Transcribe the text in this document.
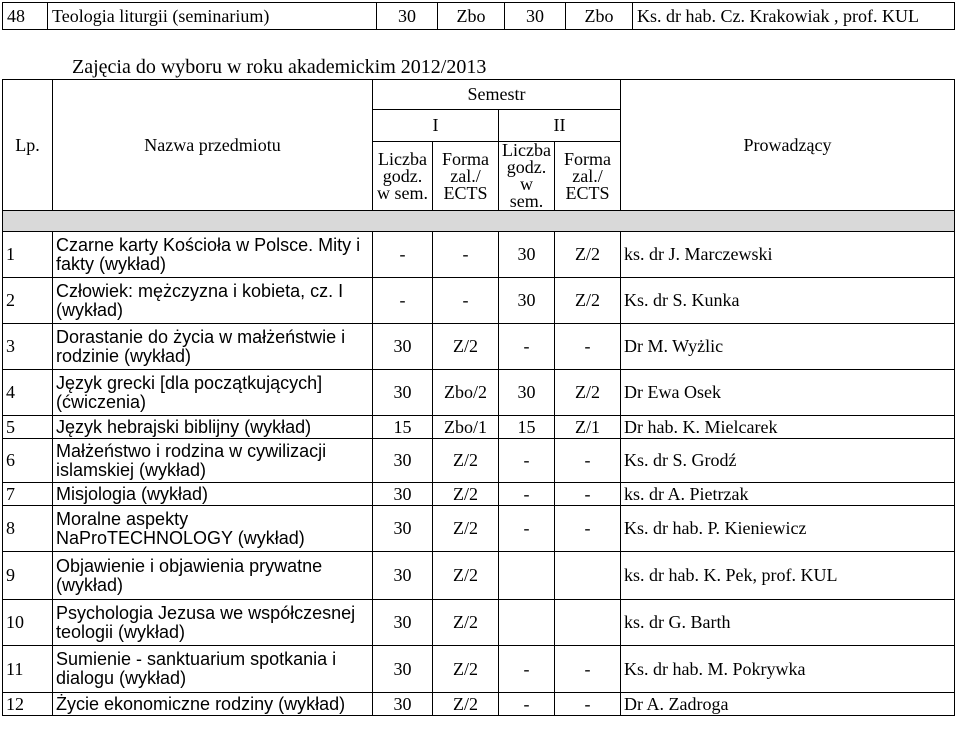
48	Teologia liturgii (seminarium)	30	Zbo	30	Zbo	Ks. dr hab. Cz. Krakowiak , prof. KUL
Zajęcia do wyboru w roku akademickim 2012/2013
Lp.	Nazwa przedmiotu	Semestr				Prowadzący
		I		II		
		Liczba godz. w sem.	Forma zal./ ECTS	Liczba godz. w sem.	Forma zal./ ECTS	

1	Czarne karty Kościoła w Polsce. Mity i fakty (wykład)	-	-	30	Z/2	ks. dr J. Marczewski
2	Człowiek: mężczyzna i kobieta, cz. I (wykład)	-	-	30	Z/2	Ks. dr S. Kunka
3	Dorastanie do życia w małżeństwie i rodzinie (wykład)	30	Z/2	-	-	Dr M. Wyżlic
4	Język grecki [dla początkujących] (ćwiczenia)	30	Zbo/2	30	Z/2	Dr Ewa Osek
5	Język hebrajski biblijny (wykład)	15	Zbo/1	15	Z/1	Dr hab. K. Mielcarek
6	Małżeństwo i rodzina w cywilizacji islamskiej (wykład)	30	Z/2	-	-	Ks. dr S. Grodź
7	Misjologia (wykład)	30	Z/2	-	-	ks. dr A. Pietrzak
8	Moralne aspekty NaProTECHNOLOGY (wykład)	30	Z/2	-	-	Ks. dr hab. P. Kieniewicz
9	Objawienie i objawienia prywatne (wykład)	30	Z/2			ks. dr hab. K. Pek, prof. KUL
10	Psychologia Jezusa we współczesnej teologii (wykład)	30	Z/2			ks. dr G. Barth
11	Sumienie - sanktuarium spotkania i dialogu (wykład)	30	Z/2	-	-	Ks. dr hab. M. Pokrywka
12	Życie ekonomiczne rodziny (wykład)	30	Z/2	-	-	Dr A. Zadroga
